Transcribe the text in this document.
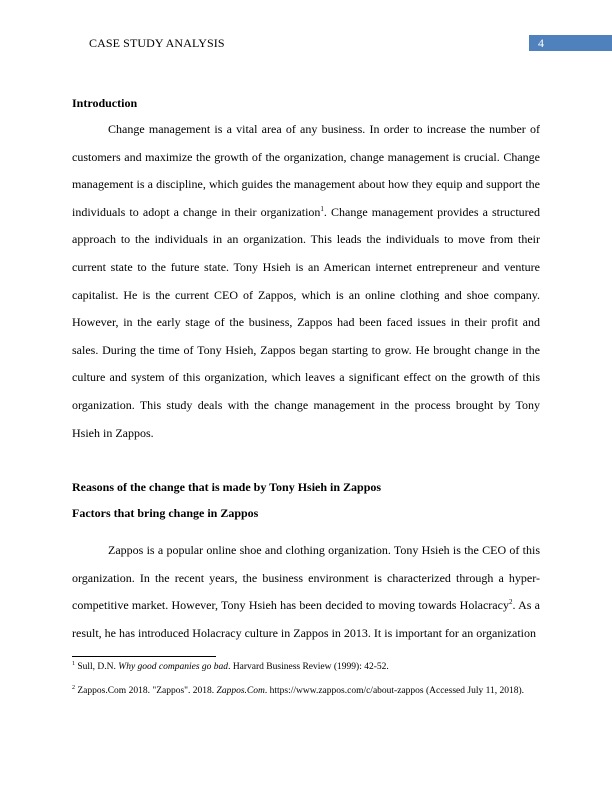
CASE STUDY ANALYSIS	4
Introduction

Change management is a vital area of any business. In order to increase the number of customers and maximize the growth of the organization, change management is crucial. Change management is a discipline, which guides the management about how they equip and support the individuals to adopt a change in their organization$^1$. Change management provides a structured approach to the individuals in an organization. This leads the individuals to move from their current state to the future state. Tony Hsieh is an American internet entrepreneur and venture capitalist. He is the current CEO of Zappos, which is an online clothing and shoe company. However, in the early stage of the business, Zappos had been faced issues in their profit and sales. During the time of Tony Hsieh, Zappos began starting to grow. He brought change in the culture and system of this organization, which leaves a significant effect on the growth of this organization. This study deals with the change management in the process brought by Tony Hsieh in Zappos.

Reasons of the change that is made by Tony Hsieh in Zappos
Factors that bring change in Zappos

Zappos is a popular online shoe and clothing organization. Tony Hsieh is the CEO of this organization. In the recent years, the business environment is characterized through a hyper-competitive market. However, Tony Hsieh has been decided to moving towards Holacracy$^2$. As a result, he has introduced Holacracy culture in Zappos in 2013. It is important for an organization

$^1$ Sull, D.N. Why good companies go bad. Harvard Business Review (1999): 42-52.

$^2$ Zappos.Com 2018. "Zappos". 2018. Zappos.Com. https://www.zappos.com/c/about-zappos (Accessed July 11, 2018).
